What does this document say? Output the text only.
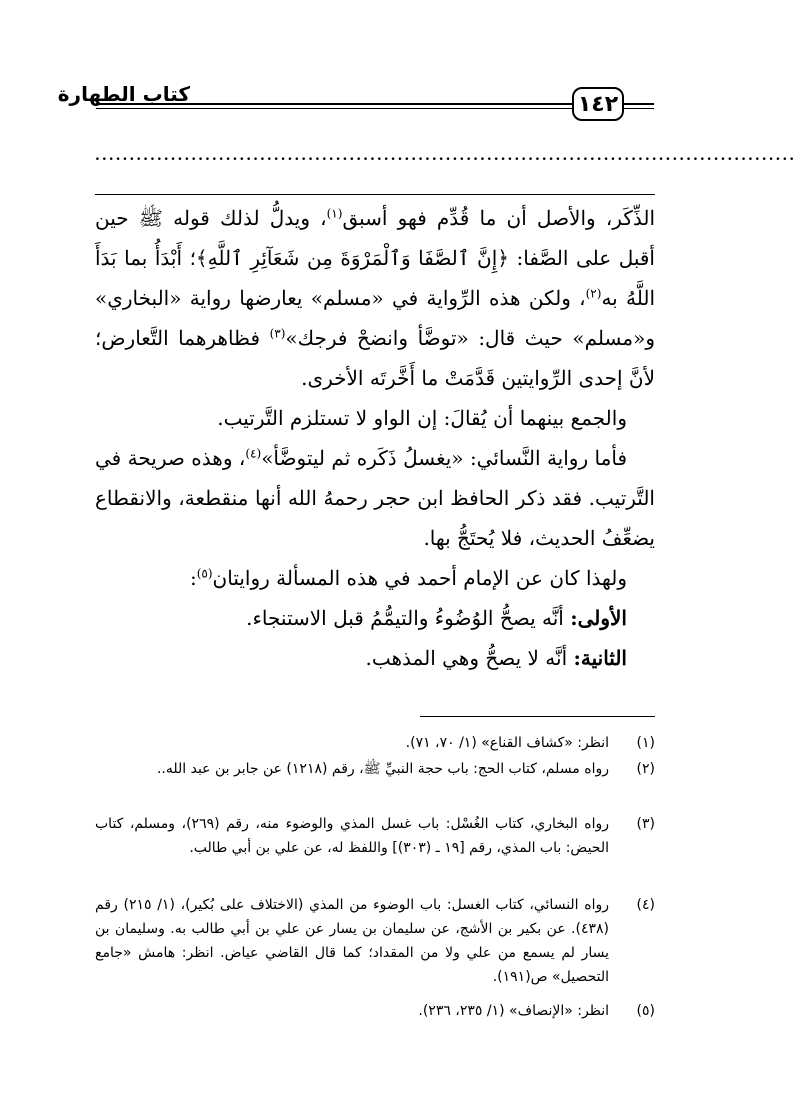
١٤٢
كتاب الطهارة
......................................................................................................

الذِّكَر، والأصل أن ما قُدِّم فهو أسبق$^{(١)}$، ويدلُّ لذلك قوله ﷺ حين أقبل على الصَّفا: ﴿إِنَّ ٱلصَّفَا وَٱلْمَرْوَةَ مِن شَعَآئِرِ ٱللَّهِ﴾؛ أَبْدَأُ بما بَدَأَ اللَّهُ به$^{(٢)}$، ولكن هذه الرِّواية في «مسلم» يعارضها رواية «البخاري» و«مسلم» حيث قال: «توضَّأ وانضحْ فرجك»$^{(٣)}$ فظاهرهما التَّعارض؛ لأنَّ إحدى الرِّوايتين قَدَّمَتْ ما أَخَّرتَه الأخرى.

والجمع بينهما أن يُقالَ: إن الواو لا تستلزم التَّرتيب.

فأما رواية النَّسائي: «يغسلُ ذَكَره ثم ليتوضَّأ»$^{(٤)}$، وهذه صريحة في التَّرتيب. فقد ذكر الحافظ ابن حجر رحمهُ الله أنها منقطعة، والانقطاع يضعِّفُ الحديث، فلا يُحتَجُّ بها.

ولهذا كان عن الإمام أحمد في هذه المسألة روايتان$^{(٥)}$:

الأولى: أنَّه يصحُّ الوُضُوءُ والتيمُّمُ قبل الاستنجاء.

الثانية: أنَّه لا يصحُّ وهي المذهب.

(١)
انظر: «كشاف القناع» (١/ ٧٠، ٧١).
(٢)
رواه مسلم، كتاب الحج: باب حجة النبيِّ ﷺ، رقم (١٢١٨) عن جابر بن عبد الله..
(٣)
رواه البخاري، كتاب الغُسْل: باب غسل المذي والوضوء منه، رقم (٢٦٩)، ومسلم، كتاب الحيض: باب المذي، رقم [١٩ ـ (٣٠٣)] واللفظ له، عن علي بن أبي طالب.
(٤)
رواه النسائي، كتاب الغسل: باب الوضوء من المذي (الاختلاف على بُكير)، (١/ ٢١٥) رقم (٤٣٨). عن بكير بن الأشج، عن سليمان بن يسار عن علي بن أبي طالب به. وسليمان بن يسار لم يسمع من علي ولا من المقداد؛ كما قال القاضي عياض. انظر: هامش «جامع التحصيل» ص(١٩١).
(٥)
انظر: «الإنصاف» (١/ ٢٣٥، ٢٣٦).
